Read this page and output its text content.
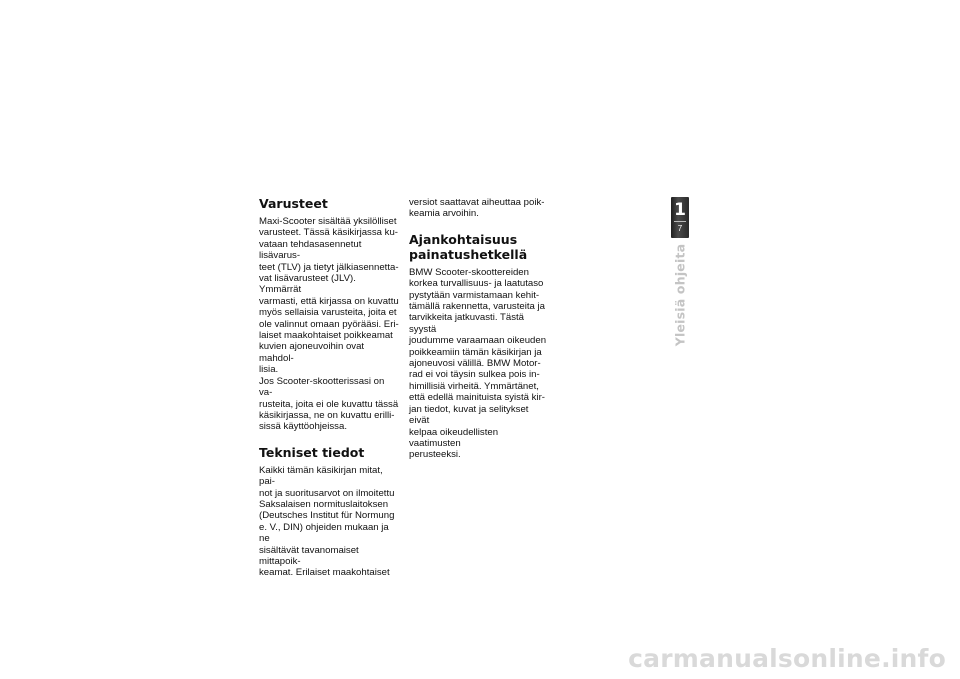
Varusteet

Maxi-Scooter sisältää yksilölliset
varusteet. Tässä käsikirjassa ku-
vataan tehdasasennetut lisävarus-
teet (TLV) ja tietyt jälkiasennetta-
vat lisävarusteet (JLV). Ymmärrät
varmasti, että kirjassa on kuvattu
myös sellaisia varusteita, joita et
ole valinnut omaan pyörääsi. Eri-
laiset maakohtaiset poikkeamat
kuvien ajoneuvoihin ovat mahdol-
lisia.

Jos Scooter-skootterissasi on va-
rusteita, joita ei ole kuvattu tässä
käsikirjassa, ne on kuvattu erilli-
sissä käyttöohjeissa.

Tekniset tiedot

Kaikki tämän käsikirjan mitat, pai-
not ja suoritusarvot on ilmoitettu
Saksalaisen normituslaitoksen
(Deutsches Institut für Normung
e. V., DIN) ohjeiden mukaan ja ne
sisältävät tavanomaiset mittapoik-
keamat. Erilaiset maakohtaiset

versiot saattavat aiheuttaa poik-
keamia arvoihin.

Ajankohtaisuus
painatushetkellä

BMW Scooter-skoottereiden
korkea turvallisuus- ja laatutaso
pystytään varmistamaan kehit-
tämällä rakennetta, varusteita ja
tarvikkeita jatkuvasti. Tästä syystä
joudumme varaamaan oikeuden
poikkeamiin tämän käsikirjan ja
ajoneuvosi välillä. BMW Motor-
rad ei voi täysin sulkea pois in-
himillisiä virheitä. Ymmärtänet,
että edellä mainituista syistä kir-
jan tiedot, kuvat ja selitykset eivät
kelpaa oikeudellisten vaatimusten
perusteeksi.

1
7
Yleisiä ohjeita
carmanualsonline.info
